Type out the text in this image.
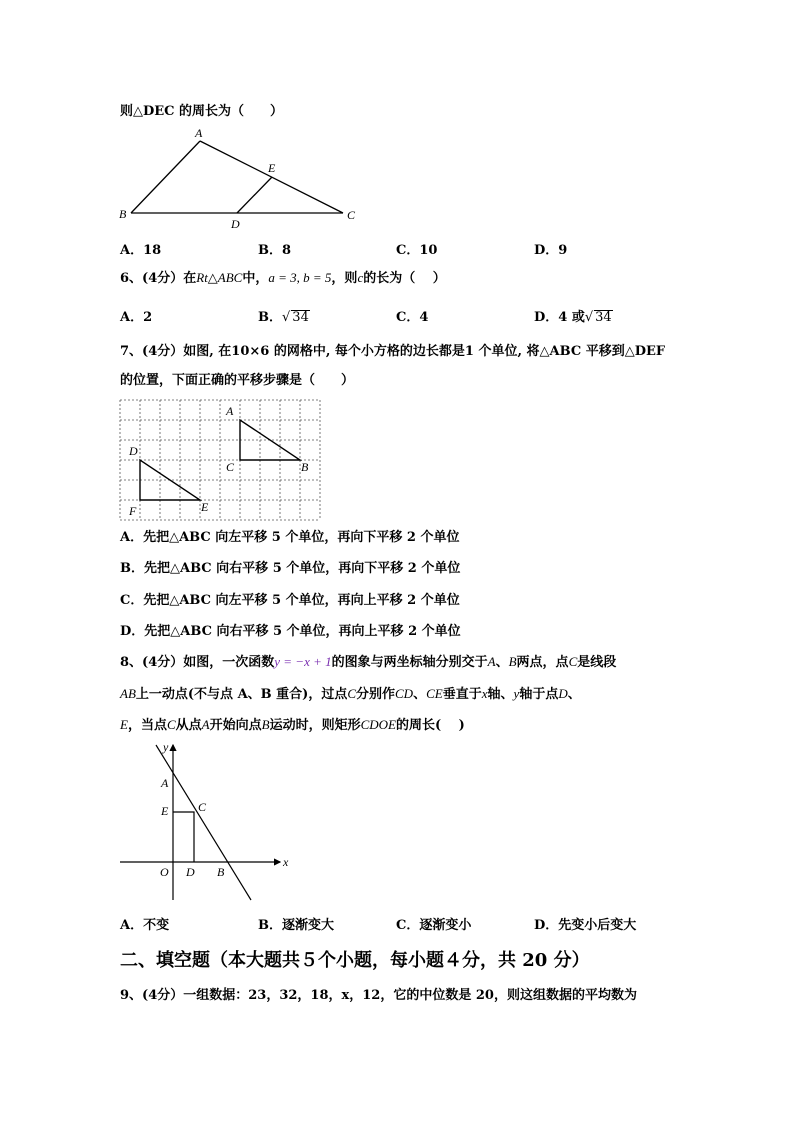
则△DEC 的周长为（　　）
A
B	C
D
E
A．18	B．8	C．10	D．9
6、(4分）在Rt△ABC中，a = 3, b = 5，则c的长为（　 ）
A．2	B．√ 34	C．4	D．4 或√ 34
7、(4分）如图, 在10×6 的网格中, 每个小方格的边长都是1 个单位, 将△ABC 平移到△DEF
的位置，下面正确的平移步骤是（　　）
A
B
C
D
E
F
A．先把△ABC 向左平移 5 个单位，再向下平移 2 个单位
B．先把△ABC 向右平移 5 个单位，再向下平移 2 个单位
C．先把△ABC 向左平移 5 个单位，再向上平移 2 个单位
D．先把△ABC 向右平移 5 个单位，再向上平移 2 个单位
8、(4分）如图，一次函数y = −x + 1的图象与两坐标轴分别交于A、B两点，点C是线段
AB上一动点(不与点 A、B 重合)，过点C分别作CD、CE垂直于x轴、y轴于点D、
E，当点C从点A开始向点B运动时，则矩形CDOE的周长(　 )
y
x
A
E C
O D B
A．不变	B．逐渐变大	C．逐渐变小	D．先变小后变大
二、填空题（本大题共５个小题，每小题４分，共 20 分）
9、(4分）一组数据：23，32，18，x，12，它的中位数是 20，则这组数据的平均数为
